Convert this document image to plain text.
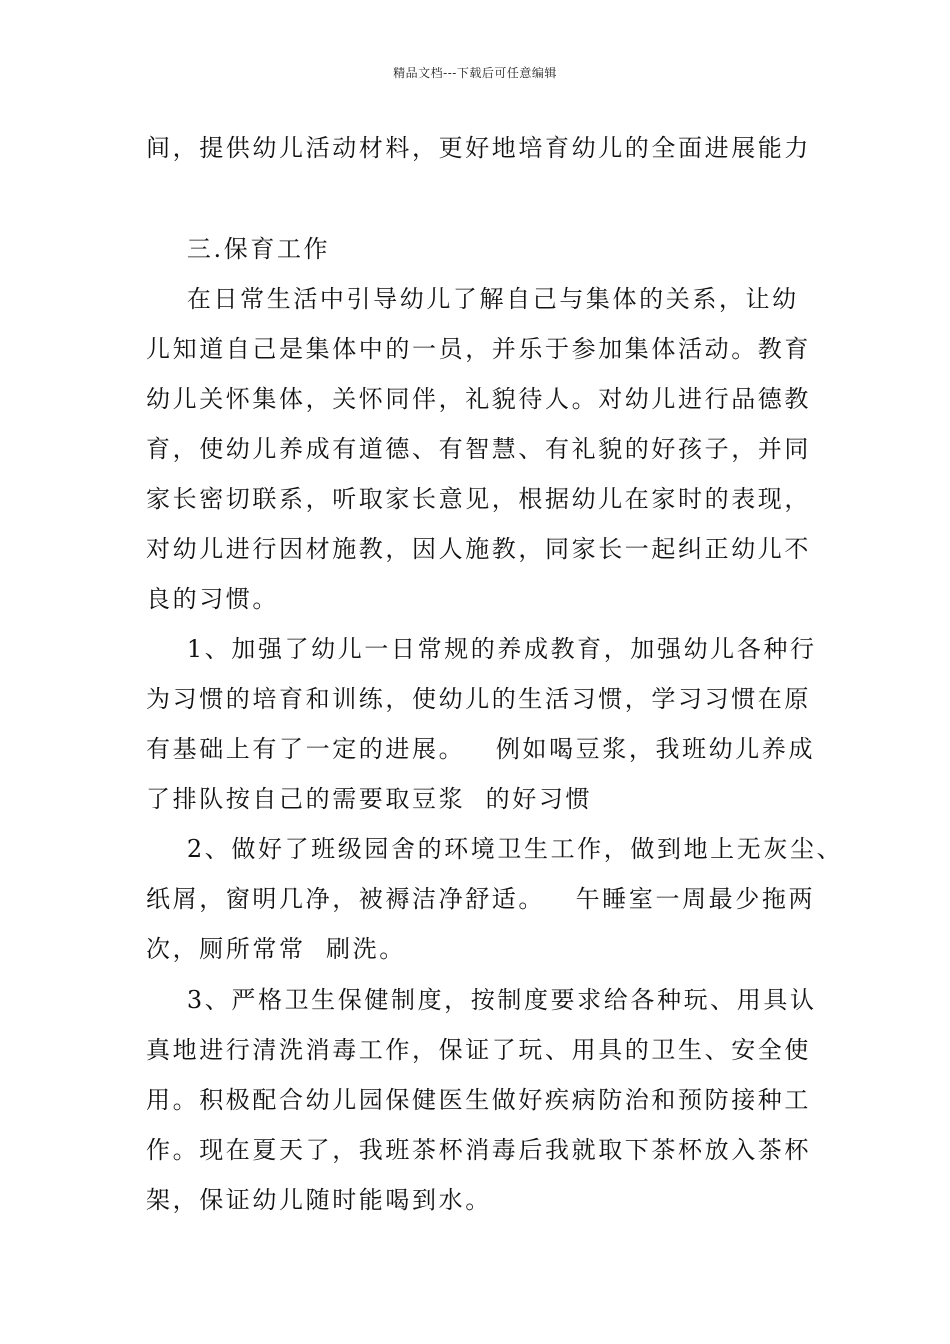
精品文档---下载后可任意编辑
间，提供幼儿活动材料，更好地培育幼儿的全面进展能力
三.保育工作
在日常生活中引导幼儿了解自己与集体的关系，让幼
儿知道自己是集体中的一员，并乐于参加集体活动。教育
幼儿关怀集体，关怀同伴，礼貌待人。对幼儿进行品德教
育，使幼儿养成有道德、有智慧、有礼貌的好孩子，并同
家长密切联系，听取家长意见，根据幼儿在家时的表现，
对幼儿进行因材施教，因人施教，同家长一起纠正幼儿不
良的习惯。
1、加强了幼儿一日常规的养成教育，加强幼儿各种行
为习惯的培育和训练，使幼儿的生活习惯，学习习惯在原
有基础上有了一定的进展。   例如喝豆浆，我班幼儿养成
了排队按自己的需要取豆浆  的好习惯
2、做好了班级园舍的环境卫生工作，做到地上无灰尘、
纸屑，窗明几净，被褥洁净舒适。   午睡室一周最少拖两
次，厕所常常  刷洗。
3、严格卫生保健制度，按制度要求给各种玩、用具认
真地进行清洗消毒工作，保证了玩、用具的卫生、安全使
用。积极配合幼儿园保健医生做好疾病防治和预防接种工
作。现在夏天了，我班茶杯消毒后我就取下茶杯放入茶杯
架，保证幼儿随时能喝到水。
